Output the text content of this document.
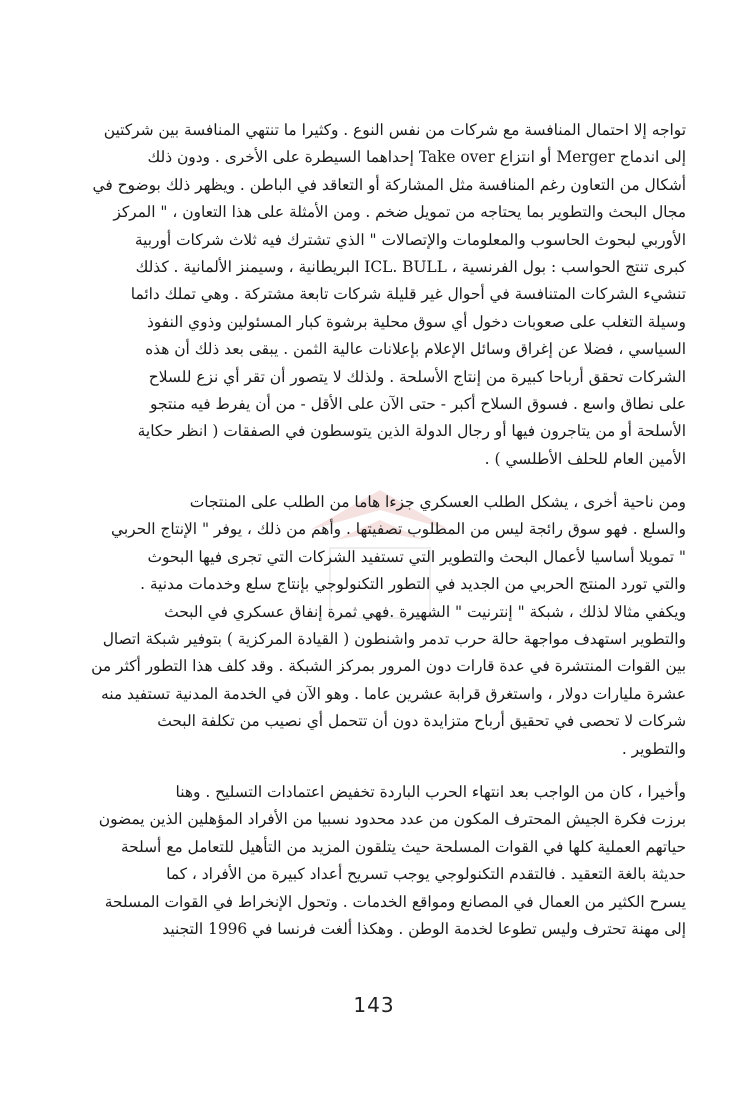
تواجه إلا احتمال المنافسة مع شركات من نفس النوع . وكثيرا ما تنتهي المنافسة بين شركتين
إلى اندماج Merger أو انتزاع Take over إحداهما السيطرة على الأخرى . ودون ذلك
أشكال من التعاون رغم المنافسة مثل المشاركة أو التعاقد في الباطن . ويظهر ذلك بوضوح في
مجال البحث والتطوير بما يحتاجه من تمويل ضخم . ومن الأمثلة على هذا التعاون ، " المركز
الأوربي لبحوث الحاسوب والمعلومات والإتصالات " الذي تشترك فيه ثلاث شركات أوربية
كبرى تنتج الحواسب : بول الفرنسية ، ICL. BULL البريطانية ، وسيمنز الألمانية . كذلك
تنشيء الشركات المتنافسة في أحوال غير قليلة شركات تابعة مشتركة . وهي تملك دائما
وسيلة التغلب على صعوبات دخول أي سوق محلية برشوة كبار المسئولين وذوي النفوذ
السياسي ، فضلا عن إغراق وسائل الإعلام بإعلانات عالية الثمن . يبقى بعد ذلك أن هذه
الشركات تحقق أرباحا كبيرة من إنتاج الأسلحة . ولذلك لا يتصور أن تقر أي نزع للسلاح
على نطاق واسع . فسوق السلاح أكبر - حتى الآن على الأقل - من أن يفرط فيه منتجو
الأسلحة أو من يتاجرون فيها أو رجال الدولة الذين يتوسطون في الصفقات ( انظر حكاية
الأمين العام للحلف الأطلسي ) .
ومن ناحية أخرى ، يشكل الطلب العسكري جزءا هاما من الطلب على المنتجات
والسلع . فهو سوق رائجة ليس من المطلوب تصفيتها . وأهم من ذلك ، يوفر " الإنتاج الحربي
" تمويلا أساسيا لأعمال البحث والتطوير التي تستفيد الشركات التي تجرى فيها البحوث
والتي تورد المنتج الحربي من الجديد في التطور التكنولوجي بإنتاج سلع وخدمات مدنية .
ويكفي مثالا لذلك ، شبكة " إنترنيت " الشهيرة .فهي ثمرة إنفاق عسكري في البحث
والتطوير استهدف مواجهة حالة حرب تدمر واشنطون ( القيادة المركزية ) بتوفير شبكة اتصال
بين القوات المنتشرة في عدة قارات دون المرور بمركز الشبكة . وقد كلف هذا التطور أكثر من
عشرة مليارات دولار ، واستغرق قرابة عشرين عاما . وهو الآن في الخدمة المدنية تستفيد منه
شركات لا تحصى في تحقيق أرباح متزايدة دون أن تتحمل أي نصيب من تكلفة البحث
والتطوير .
وأخيرا ، كان من الواجب بعد انتهاء الحرب الباردة تخفيض اعتمادات التسليح . وهنا
برزت فكرة الجيش المحترف المكون من عدد محدود نسبيا من الأفراد المؤهلين الذين يمضون
حياتهم العملية كلها في القوات المسلحة حيث يتلقون المزيد من التأهيل للتعامل مع أسلحة
حديثة بالغة التعقيد . فالتقدم التكنولوجي يوجب تسريح أعداد كبيرة من الأفراد ، كما
يسرح الكثير من العمال في المصانع ومواقع الخدمات . وتحول الإنخراط في القوات المسلحة
إلى مهنة تحترف وليس تطوعا لخدمة الوطن . وهكذا ألغت فرنسا في 1996 التجنيد
143
